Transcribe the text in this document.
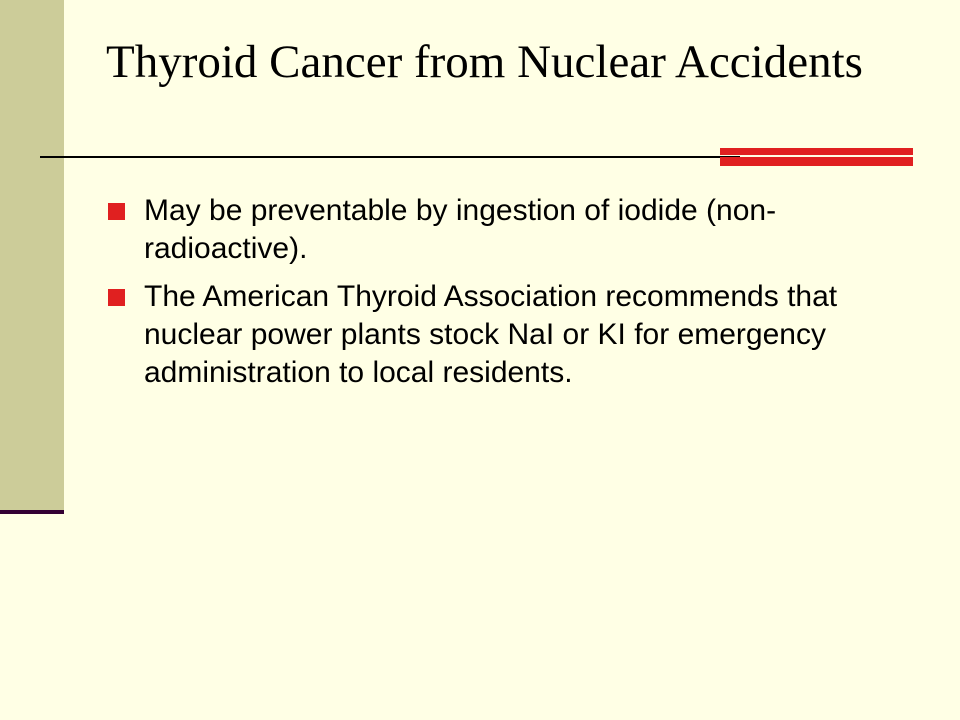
Thyroid Cancer from Nuclear Accidents
May be preventable by ingestion of iodide (non-radioactive).
The American Thyroid Association recommends that nuclear power plants stock NaI or KI for emergency administration to local residents.
